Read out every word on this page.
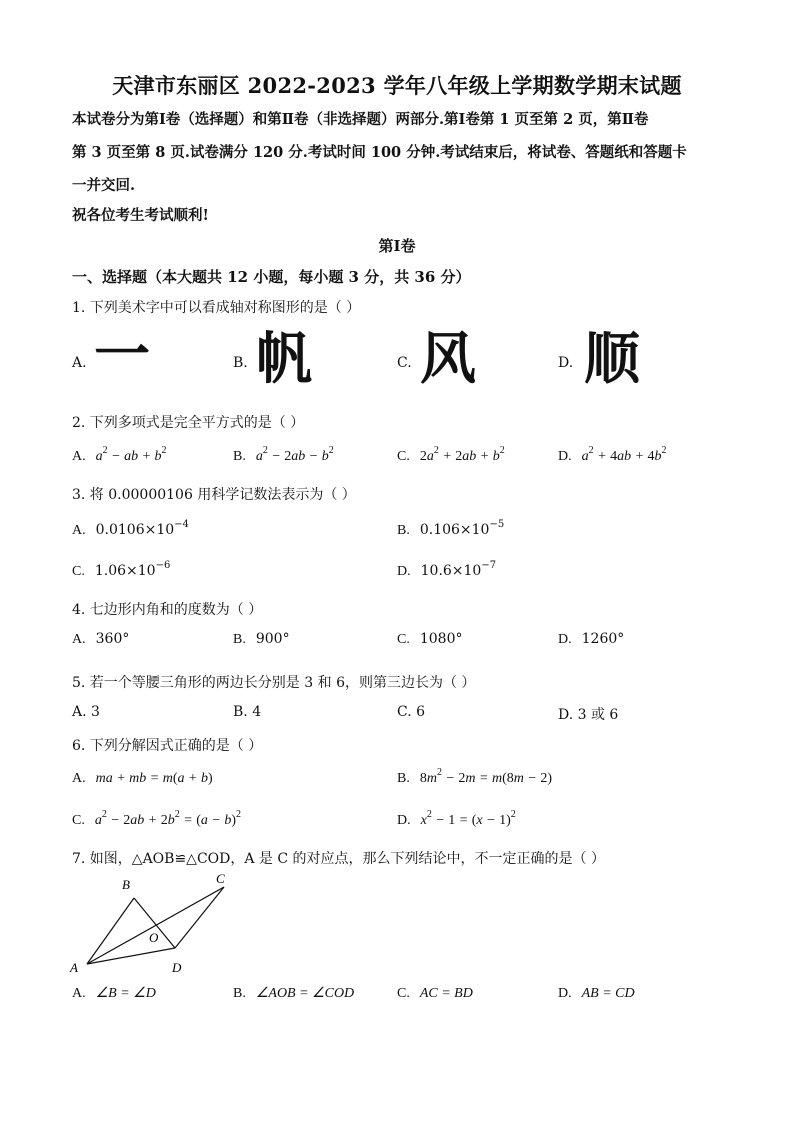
天津市东丽区 2022-2023 学年八年级上学期数学期末试题
本试卷分为第Ⅰ卷（选择题）和第Ⅱ卷（非选择题）两部分.第Ⅰ卷第 1 页至第 2 页，第Ⅱ卷
第 3 页至第 8 页.试卷满分 120 分.考试时间 100 分钟.考试结束后，将试卷、答题纸和答题卡
一并交回.
祝各位考生考试顺利!
第Ⅰ卷
一、选择题（本大题共 12 小题，每小题 3 分，共 36 分）
1. 下列美术字中可以看成轴对称图形的是（ ）
A. 一	B. 帆	C. 风	D. 顺
2. 下列多项式是完全平方式的是（ ）
A. $a^2$ − ab + $b^2$	B. $a^2 - 2ab - b^2$	C. $2a^2 + 2ab + b^2$	D. $a^2 + 4ab + 4b^2$
3. 将 0.00000106 用科学记数法表示为（ ）
A. $0.0106\times 10^{-4}$	B. $0.106\times 10^{-5}$
C. $1.06\times 10^{-6}$	D. $10.6\times 10^{-7}$
4. 七边形内角和的度数为（ ）
A. 360°	B. 900°	C. 1080°	D. 1260°
5. 若一个等腰三角形的两边长分别是 3 和 6，则第三边长为（ ）
A. 3	B. 4	C. 6	D. 3 或 6
6. 下列分解因式正确的是（ ）
A. ma + mb = m(a + b)	B. $8m^2 - 2m = m(8m - 2)$
C. $a^2 - 2ab + 2b^2 = (a - b)^2$	D. $x^2 - 1 = (x - 1)^2$
7. 如图，△AOB≌△COD，A 是 C 的对应点，那么下列结论中，不一定正确的是（ ）
A
B	C
D
O
A. ∠B = ∠D	B. ∠AOB = ∠COD	C. AC = BD	D. AB = CD
